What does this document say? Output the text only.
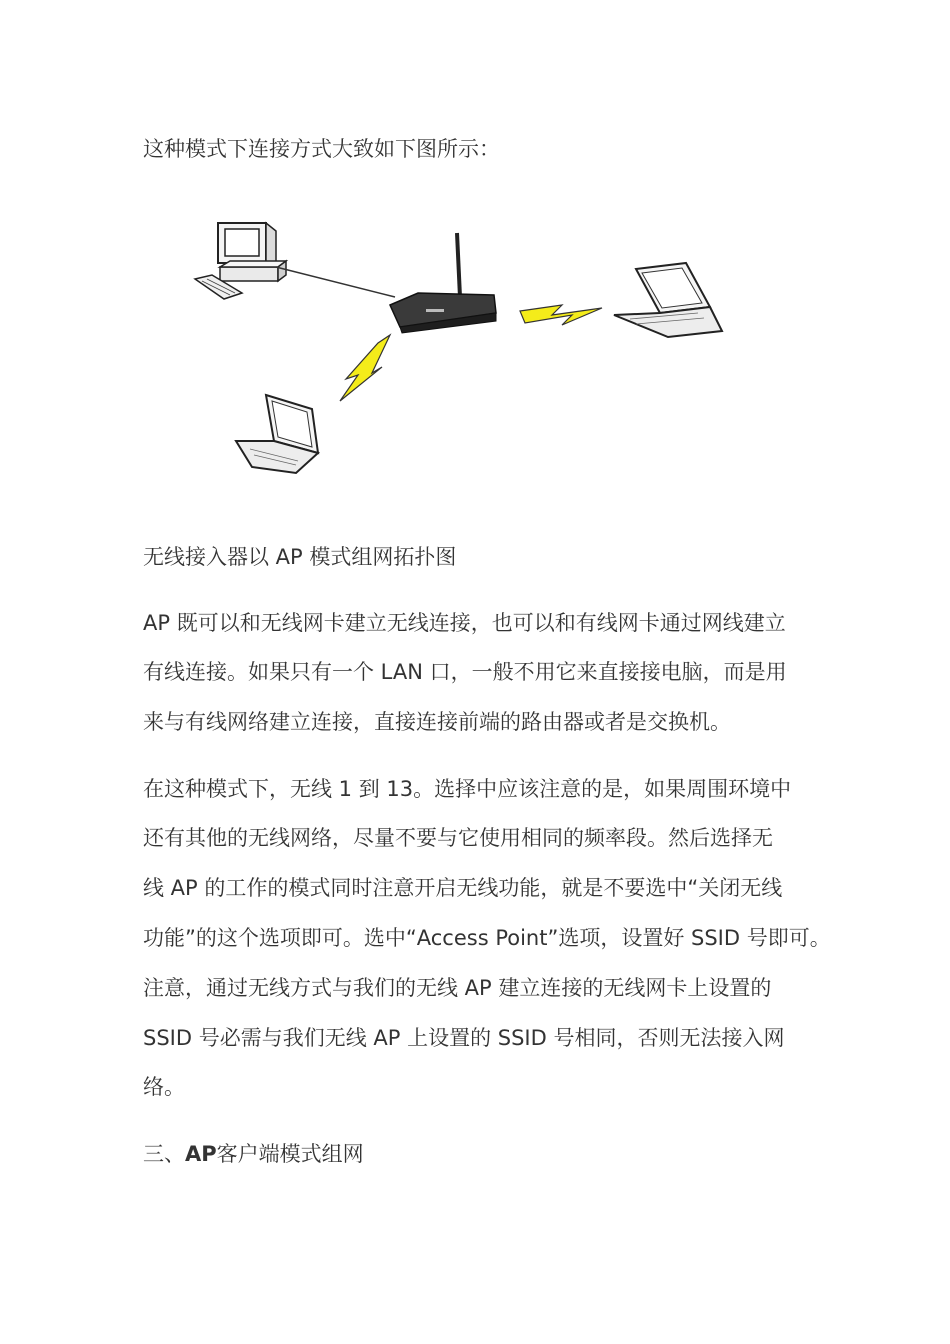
这种模式下连接方式大致如下图所示：
无线接入器以 AP 模式组网拓扑图
AP 既可以和无线网卡建立无线连接，也可以和有线网卡通过网线建立
有线连接。如果只有一个 LAN 口，一般不用它来直接接电脑，而是用
来与有线网络建立连接，直接连接前端的路由器或者是交换机。
在这种模式下，无线 1 到 13。选择中应该注意的是，如果周围环境中
还有其他的无线网络，尽量不要与它使用相同的频率段。然后选择无
线 AP 的工作的模式同时注意开启无线功能，就是不要选中“关闭无线
功能”的这个选项即可。选中“Access Point”选项，设置好 SSID 号即可。
注意，通过无线方式与我们的无线 AP 建立连接的无线网卡上设置的
SSID 号必需与我们无线 AP 上设置的 SSID 号相同，否则无法接入网
络。
三、AP客户端模式组网
